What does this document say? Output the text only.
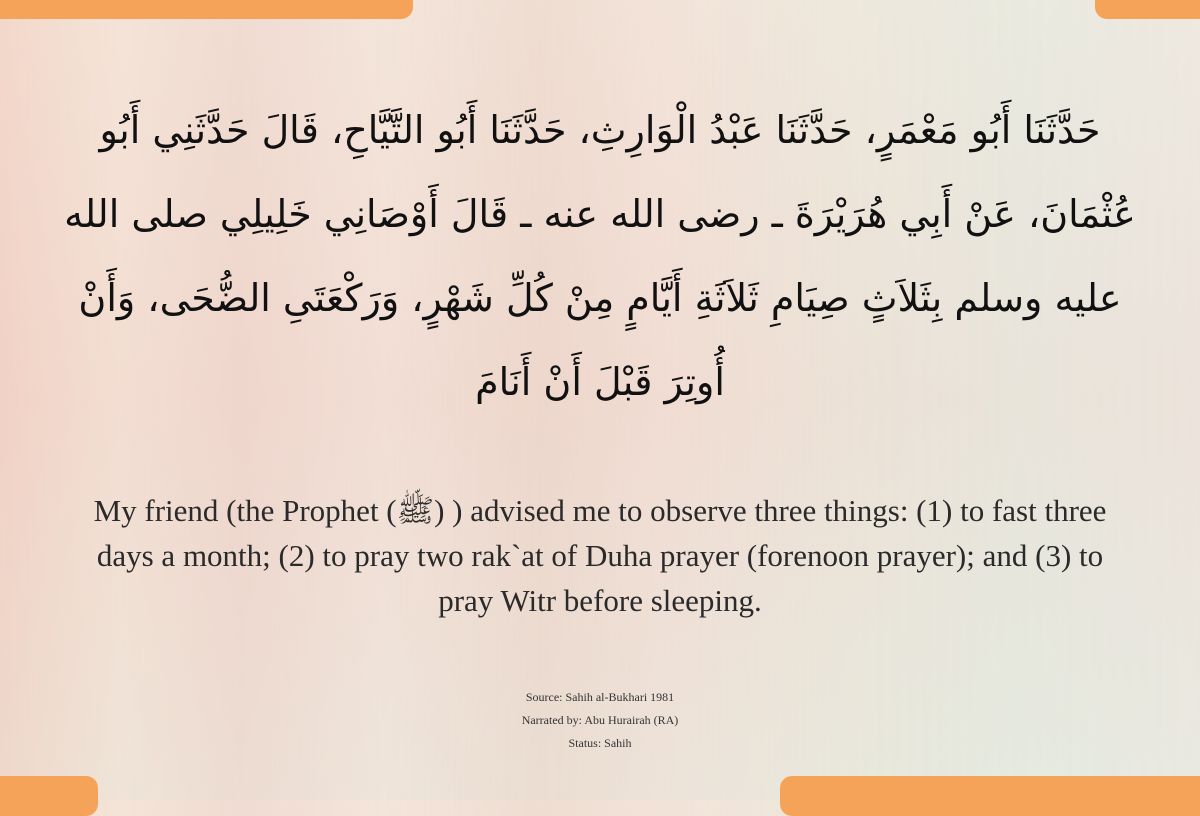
حَدَّثَنَا أَبُو مَعْمَرٍ، حَدَّثَنَا عَبْدُ الْوَارِثِ، حَدَّثَنَا أَبُو التَّيَّاحِ، قَالَ حَدَّثَنِي أَبُو عُثْمَانَ، عَنْ أَبِي هُرَيْرَةَ ـ رضى الله عنه ـ قَالَ أَوْصَانِي خَلِيلِي صلى الله عليه وسلم بِثَلاَثٍ صِيَامِ ثَلاَثَةِ أَيَّامٍ مِنْ كُلِّ شَهْرٍ، وَرَكْعَتَىِ الضُّحَى، وَأَنْ أُوتِرَ قَبْلَ أَنْ أَنَامَ
My friend (the Prophet (ﷺ) ) advised me to observe three things: (1) to fast three days a month; (2) to pray two rak`at of Duha prayer (forenoon prayer); and (3) to pray Witr before sleeping.
Source: Sahih al-Bukhari 1981
Narrated by: Abu Hurairah (RA)
Status: Sahih
